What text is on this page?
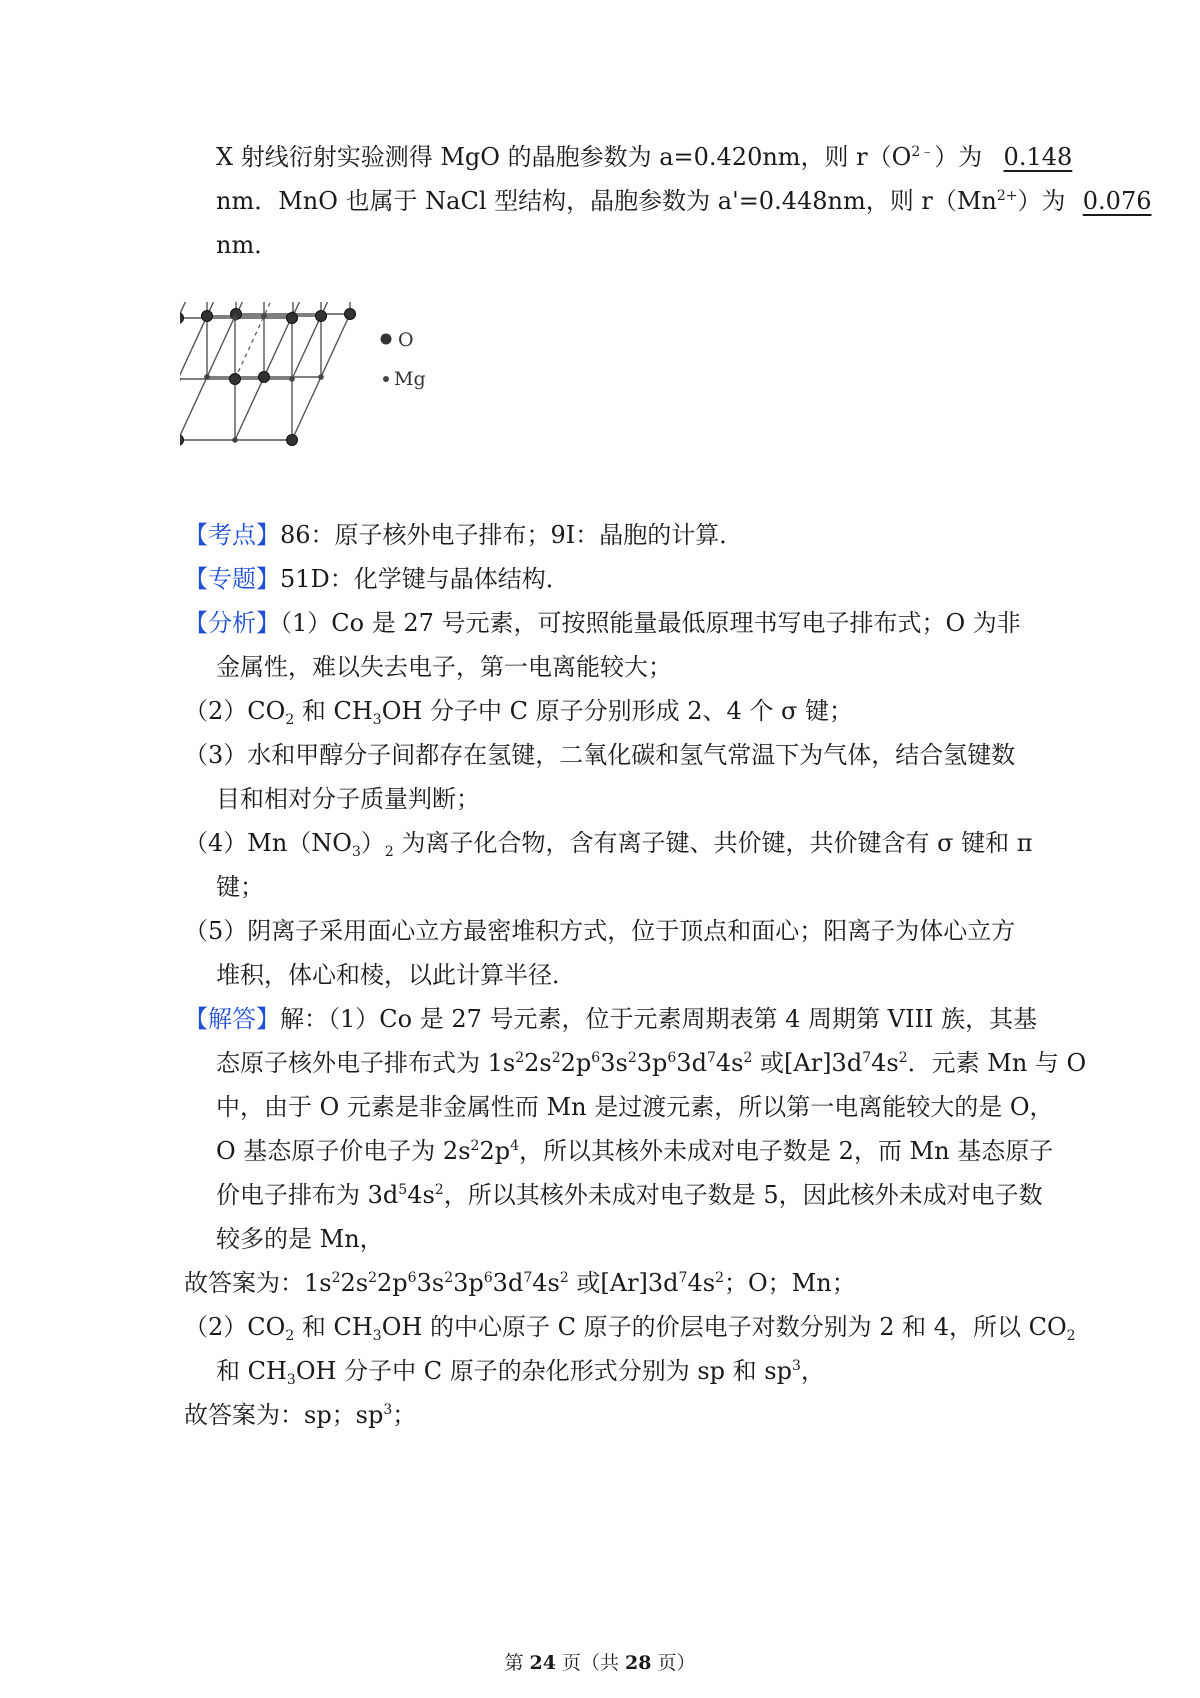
X 射线衍射实验测得 MgO 的晶胞参数为 a=0.420nm，则 $r(O^{2﹣})$为 0.148
nm．MnO 也属于 NaCl 型结构，晶胞参数为 a'=0.448nm，则 $r(Mn^{2+})$为 0.076
nm．
O
Mg
【考点】86：原子核外电子排布；9I：晶胞的计算．
【专题】51D：化学键与晶体结构．
【分析】（1）Co 是 27 号元素，可按照能量最低原理书写电子排布式；O 为非
金属性，难以失去电子，第一电离能较大；
$(2)CO_2$ 和 $CH_3OH$ 分子中 C 原子分别形成 2、4 个 σ 键；
（3）水和甲醇分子间都存在氢键，二氧化碳和氢气常温下为气体，结合氢键数
目和相对分子质量判断；
$(4)Mn(NO_3)_2$ 为离子化合物，含有离子键、共价键，共价键含有 σ 键和 π
键；
（5）阴离子采用面心立方最密堆积方式，位于顶点和面心；阳离子为体心立方
堆积，体心和棱，以此计算半径．
【解答】解：（1）Co 是 27 号元素，位于元素周期表第 4 周期第 VIII 族，其基
态原子核外电子排布式为 $1s^22s^22p^63s^23p^63d^74s^2$ 或$[Ar]3d^74s^2$．元素 Mn 与 O
中，由于 O 元素是非金属性而 Mn 是过渡元素，所以第一电离能较大的是 O，
O 基态原子价电子为 $2s^22p^4$，所以其核外未成对电子数是 2，而 Mn 基态原子
价电子排布为 $3d^54s^2$，所以其核外未成对电子数是 5，因此核外未成对电子数
较多的是 Mn，
故答案为：$1s^22s^22p^63s^23p^63d^74s^2$ 或$[Ar]3d^74s^2$；O；Mn；
$(2)CO_2$ 和 $CH_3OH$ 的中心原子 C 原子的价层电子对数分别为 2 和 4，所以 $CO_2$
和 $CH_3OH$ 分子中 C 原子的杂化形式分别为 sp 和 $sp^3$，
故答案为：sp；$sp^3$；
第 24 页（共 28 页）
